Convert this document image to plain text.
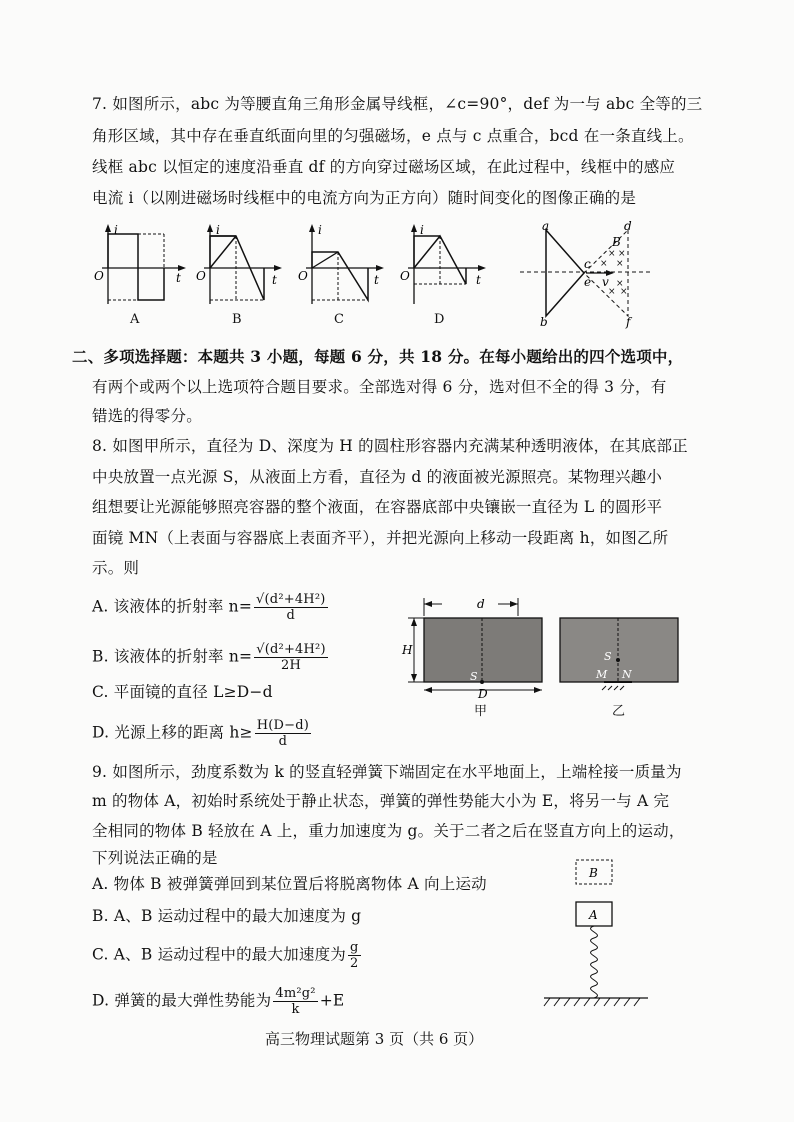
7. 如图所示，abc 为等腰直角三角形金属导线框，∠c=90°，def 为一与 abc 全等的三
角形区域，其中存在垂直纸面向里的匀强磁场，e 点与 c 点重合，bcd 在一条直线上。
线框 abc 以恒定的速度沿垂直 df 的方向穿过磁场区域，在此过程中，线框中的感应
电流 i（以刚进磁场时线框中的电流方向为正方向）随时间变化的图像正确的是
i
O	t
A
i
O	t
B
i
O	t
C
i
O	t
D
× ×
× ×
×
× ×
a
b
c
d
e
f
B
v
二、多项选择题：本题共 3 小题，每题 6 分，共 18 分。在每小题给出的四个选项中，
有两个或两个以上选项符合题目要求。全部选对得 6 分，选对但不全的得 3 分，有
错选的得零分。
8. 如图甲所示，直径为 D、深度为 H 的圆柱形容器内充满某种透明液体，在其底部正
中央放置一点光源 S，从液面上方看，直径为 d 的液面被光源照亮。某物理兴趣小
组想要让光源能够照亮容器的整个液面，在容器底部中央镶嵌一直径为 L 的圆形平
面镜 MN（上表面与容器底上表面齐平），并把光源向上移动一段距离 h，如图乙所
示。则
A. 该液体的折射率 $n= \frac{\text{√(d²+4H²)}}{d}$
B. 该液体的折射率 $n= \frac{\text{√(d²+4H²)}}{2H}$
C. 平面镜的直径 L≥D−d
D. 光源上移的距离 $h\ge \frac{H(D-d)}{d}$
d
H
S
D
甲
S
M N
乙
9. 如图所示，劲度系数为 k 的竖直轻弹簧下端固定在水平地面上，上端栓接一质量为
m 的物体 A，初始时系统处于静止状态，弹簧的弹性势能大小为 E，将另一与 A 完
全相同的物体 B 轻放在 A 上，重力加速度为 g。关于二者之后在竖直方向上的运动，
下列说法正确的是
A. 物体 B 被弹簧弹回到某位置后将脱离物体 A 向上运动
B. A、B 运动过程中的最大加速度为 g
C. A、B 运动过程中的最大加速度为 $\frac{g}{2}$
D. 弹簧的最大弹性势能为 $\frac{\text{4m²g²}}{k} +E$
B
A
高三物理试题第 3 页（共 6 页）
